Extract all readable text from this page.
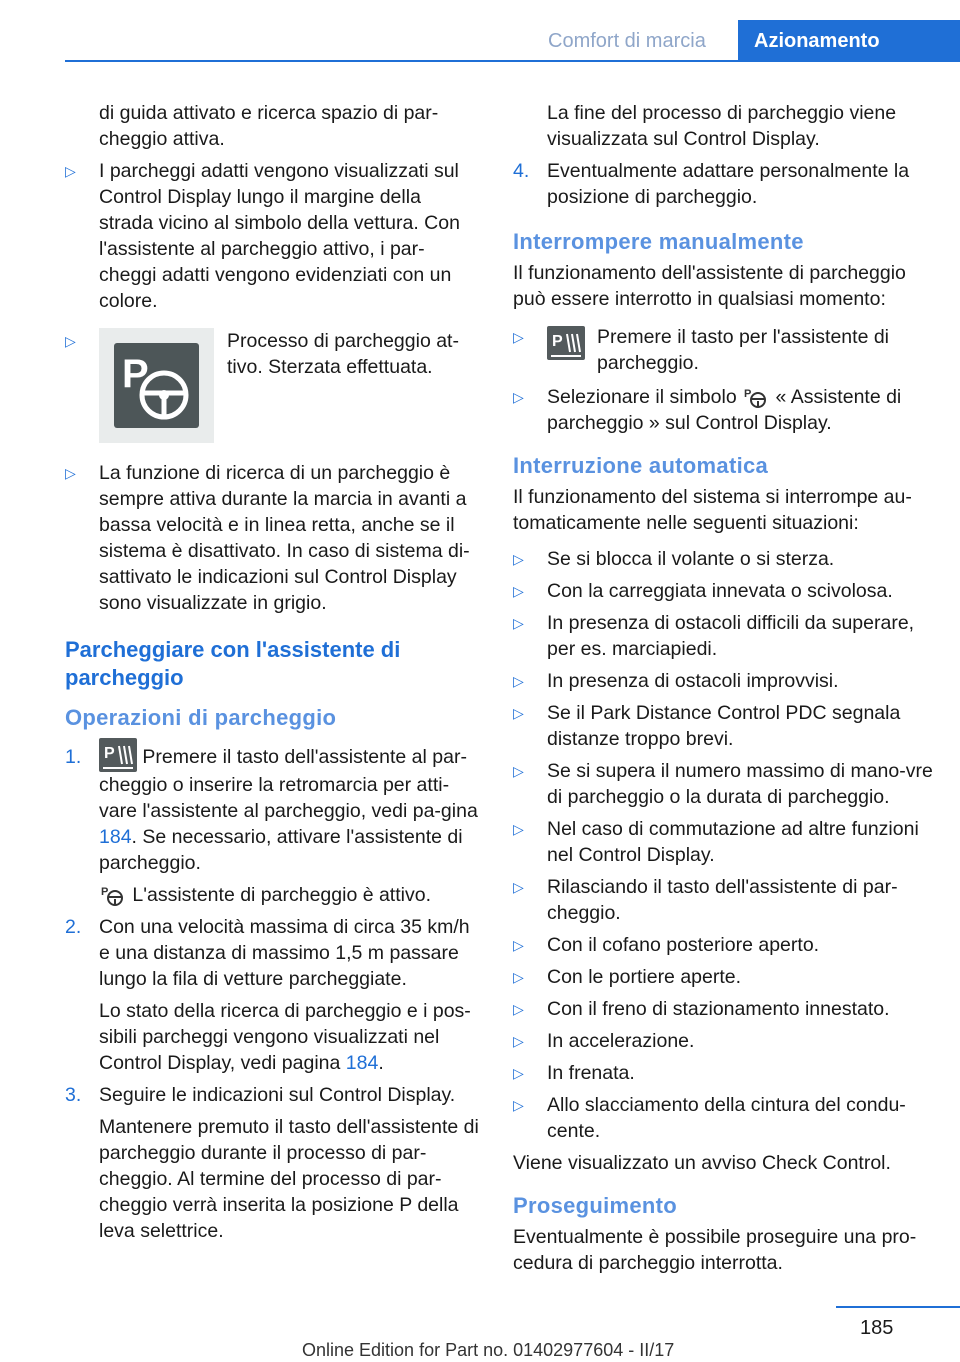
Comfort di marcia	Azionamento
di guida attivato e ricerca spazio di par-
cheggio attiva.
▷ I parcheggi adatti vengono visualizzati sul Control Display lungo il margine della strada vicino al simbolo della vettura. Con l'assistente al parcheggio attivo, i par-cheggi adatti vengono evidenziati con un colore.
▷
P
Processo di parcheggio at-tivo. Sterzata effettuata.
▷ La funzione di ricerca di un parcheggio è sempre attiva durante la marcia in avanti a bassa velocità e in linea retta, anche se il sistema è disattivato. In caso di sistema di-sattivato le indicazioni sul Control Display sono visualizzate in grigio.
Parcheggiare con l'assistente di parcheggio
Operazioni di parcheggio
1. P Premere il tasto dell'assistente al par-cheggio o inserire la retromarcia per atti-vare l'assistente al parcheggio, vedi pa-gina 184. Se necessario, attivare l'assistente di parcheggio.
P L'assistente di parcheggio è attivo.
2. Con una velocità massima di circa 35 km/h e una distanza di massimo 1,5 m passare lungo la fila di vetture parcheggiate.
Lo stato della ricerca di parcheggio e i pos-sibili parcheggi vengono visualizzati nel Control Display, vedi pagina 184.
3. Seguire le indicazioni sul Control Display.
Mantenere premuto il tasto dell'assistente di parcheggio durante il processo di par-cheggio. Al termine del processo di par-cheggio verrà inserita la posizione P della leva selettrice.
La fine del processo di parcheggio viene visualizzata sul Control Display.
4. Eventualmente adattare personalmente la posizione di parcheggio.
Interrompere manualmente
Il funzionamento dell'assistente di parcheggio può essere interrotto in qualsiasi momento:
▷ P	Premere il tasto per l'assistente di parcheggio.
▷ Selezionare il simbolo P « Assistente di parcheggio » sul Control Display.
Interruzione automatica
Il funzionamento del sistema si interrompe au-tomaticamente nelle seguenti situazioni:
▷ Se si blocca il volante o si sterza.
▷ Con la carreggiata innevata o scivolosa.
▷ In presenza di ostacoli difficili da superare, per es. marciapiedi.
▷ In presenza di ostacoli improvvisi.
▷ Se il Park Distance Control PDC segnala distanze troppo brevi.
▷ Se si supera il numero massimo di mano-vre di parcheggio o la durata di parcheggio.
▷ Nel caso di commutazione ad altre funzioni nel Control Display.
▷ Rilasciando il tasto dell'assistente di par-cheggio.
▷ Con il cofano posteriore aperto.
▷ Con le portiere aperte.
▷ Con il freno di stazionamento innestato.
▷ In accelerazione.
▷ In frenata.
▷ Allo slacciamento della cintura del condu-cente.
Viene visualizzato un avviso Check Control.
Proseguimento
Eventualmente è possibile proseguire una pro-cedura di parcheggio interrotta.
185
Online Edition for Part no. 01402977604 - II/17
